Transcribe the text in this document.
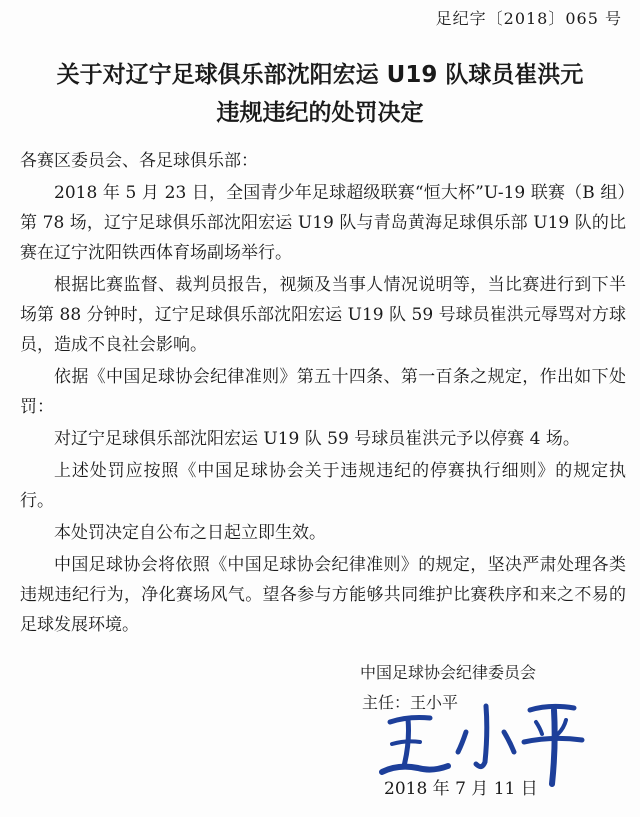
足纪字〔2018〕065 号
关于对辽宁足球俱乐部沈阳宏运 U19 队球员崔洪元
违规违纪的处罚决定

各赛区委员会、各足球俱乐部：

2018 年 5 月 23 日，全国青少年足球超级联赛“恒大杯”U-19 联赛（B 组）第 78 场，辽宁足球俱乐部沈阳宏运 U19 队与青岛黄海足球俱乐部 U19 队的比赛在辽宁沈阳铁西体育场副场举行。

根据比赛监督、裁判员报告，视频及当事人情况说明等，当比赛进行到下半场第 88 分钟时，辽宁足球俱乐部沈阳宏运 U19 队 59 号球员崔洪元辱骂对方球员，造成不良社会影响。

依据《中国足球协会纪律准则》第五十四条、第一百条之规定，作出如下处罚：

对辽宁足球俱乐部沈阳宏运 U19 队 59 号球员崔洪元予以停赛 4 场。

上述处罚应按照《中国足球协会关于违规违纪的停赛执行细则》的规定执行。

本处罚决定自公布之日起立即生效。

中国足球协会将依照《中国足球协会纪律准则》的规定，坚决严肃处理各类违规违纪行为，净化赛场风气。望各参与方能够共同维护比赛秩序和来之不易的足球发展环境。

中国足球协会纪律委员会
主任：王小平
2018 年 7 月 11 日
